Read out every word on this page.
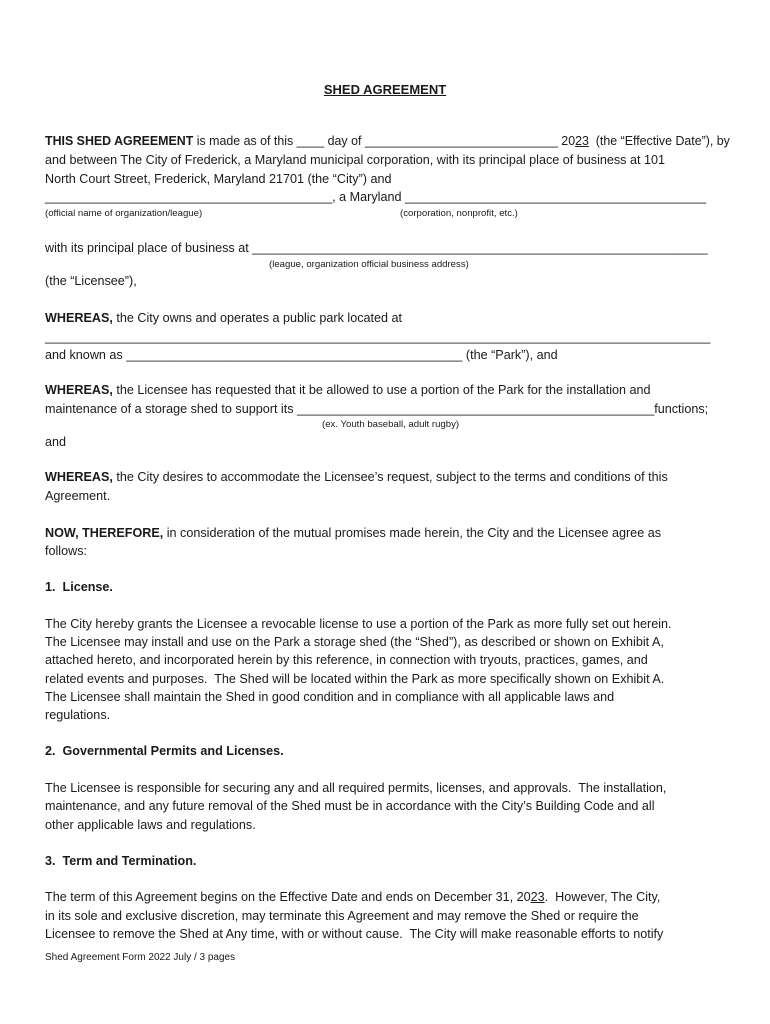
SHED AGREEMENT
THIS SHED AGREEMENT is made as of this ____ day of ____________________________ 2023  (the “Effective Date”), by
and between The City of Frederick, a Maryland municipal corporation, with its principal place of business at 101
North Court Street, Frederick, Maryland 21701 (the “City”) and
_________________________________________, a Maryland ___________________________________________
(official name of organization/league)	(corporation, nonprofit, etc.)
with its principal place of business at _________________________________________________________________
(league, organization official business address)
(the “Licensee”),
WHEREAS, the City owns and operates a public park located at
_______________________________________________________________________________________________
and known as ________________________________________________ (the “Park”), and
WHEREAS, the Licensee has requested that it be allowed to use a portion of the Park for the installation and
maintenance of a storage shed to support its ___________________________________________________functions;
(ex. Youth baseball, adult rugby)
and
WHEREAS, the City desires to accommodate the Licensee’s request, subject to the terms and conditions of this
Agreement.
NOW, THEREFORE, in consideration of the mutual promises made herein, the City and the Licensee agree as
follows:
1.  License.
The City hereby grants the Licensee a revocable license to use a portion of the Park as more fully set out herein.
The Licensee may install and use on the Park a storage shed (the “Shed”), as described or shown on Exhibit A,
attached hereto, and incorporated herein by this reference, in connection with tryouts, practices, games, and
related events and purposes.  The Shed will be located within the Park as more specifically shown on Exhibit A.
The Licensee shall maintain the Shed in good condition and in compliance with all applicable laws and
regulations.
2.  Governmental Permits and Licenses.
The Licensee is responsible for securing any and all required permits, licenses, and approvals.  The installation,
maintenance, and any future removal of the Shed must be in accordance with the City’s Building Code and all
other applicable laws and regulations.
3.  Term and Termination.
The term of this Agreement begins on the Effective Date and ends on December 31, 2023.  However, The City,
in its sole and exclusive discretion, may terminate this Agreement and may remove the Shed or require the
Licensee to remove the Shed at Any time, with or without cause.  The City will make reasonable efforts to notify
Shed Agreement Form 2022 July / 3 pages
